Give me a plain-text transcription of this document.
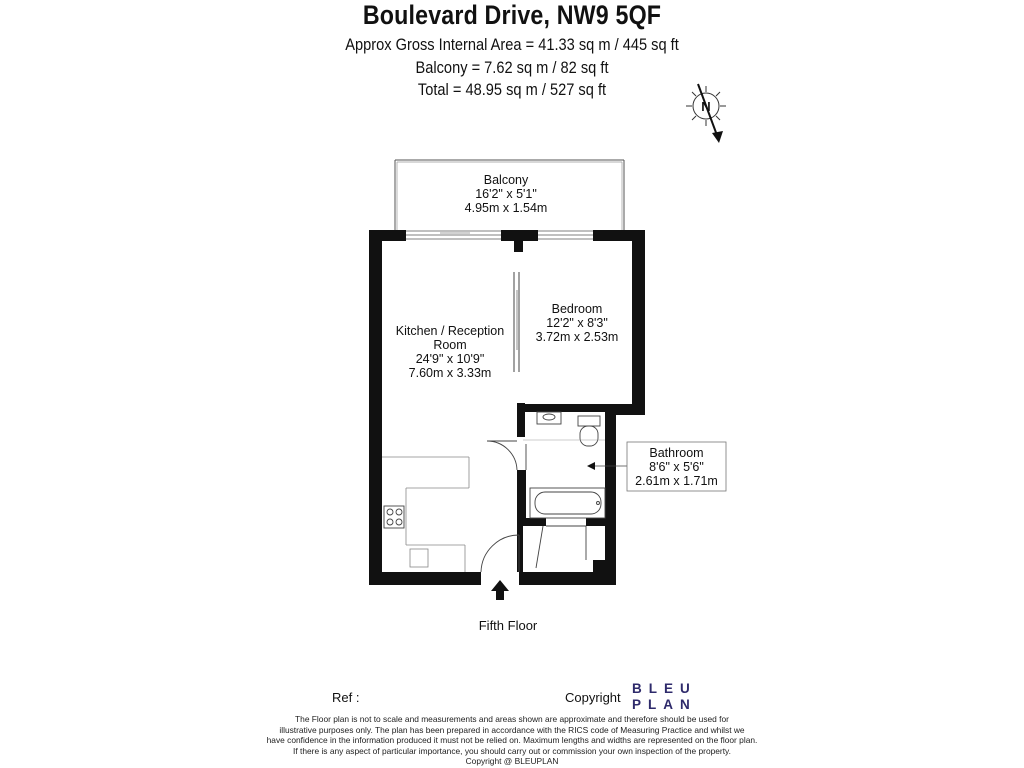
Boulevard Drive, NW9 5QF
Approx Gross Internal Area = 41.33 sq m / 445 sq ft
Balcony = 7.62 sq m / 82 sq ft
Total = 48.95 sq m / 527 sq ft
N
Balcony
16'2" x 5'1"
4.95m x 1.54m
Kitchen / Reception Room
24'9" x 10'9"
7.60m x 3.33m
Bedroom
12'2" x 8'3"
3.72m x 2.53m
Bathroom
8'6" x 5'6"
2.61m x 1.71m
Fifth Floor
Ref :	Copyright
BLEU
PLAN
The Floor plan is not to scale and measurements and areas shown are approximate and therefore should be used for
illustrative purposes only. The plan has been prepared in accordance with the RICS code of Measuring Practice and whilst we
have confidence in the information produced it must not be relied on. Maximum lengths and widths are represented on the floor plan.
If there is any aspect of particular importance, you should carry out or commission your own inspection of the property.
Copyright @ BLEUPLAN
